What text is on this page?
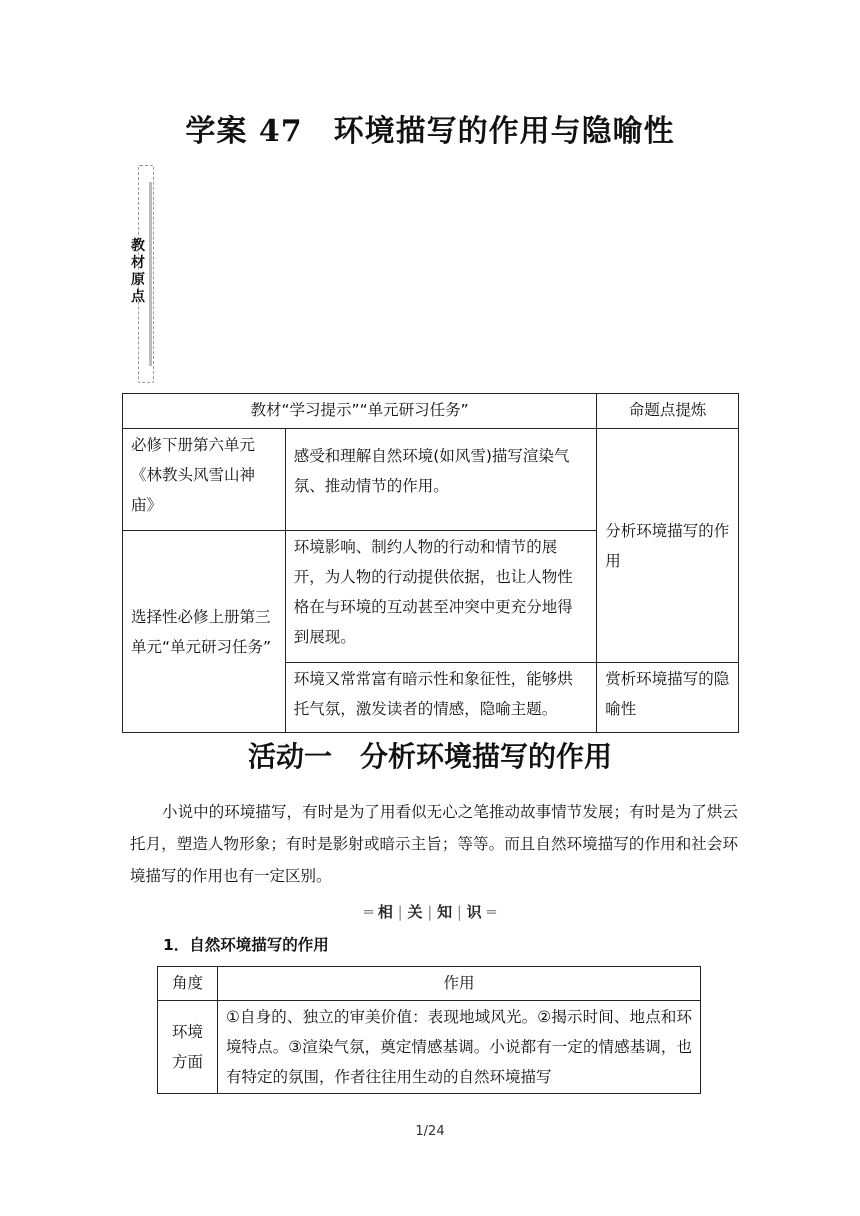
学案 47　环境描写的作用与隐喻性
教
材
原
点
教材“学习提示”“单元研习任务”		命题点提炼
必修下册第六单元《林教头风雪山神庙》	感受和理解自然环境(如风雪)描写渲染气氛、推动情节的作用。	分析环境描写的作用
选择性必修上册第三单元“单元研习任务”	环境影响、制约人物的行动和情节的展开，为人物的行动提供依据，也让人物性格在与环境的互动甚至冲突中更充分地得到展现。	
	环境又常常富有暗示性和象征性，能够烘托气氛，激发读者的情感，隐喻主题。	赏析环境描写的隐喻性
活动一　分析环境描写的作用

小说中的环境描写，有时是为了用看似无心之笔推动故事情节发展；有时是为了烘云托月，塑造人物形象；有时是影射或暗示主旨；等等。而且自然环境描写的作用和社会环境描写的作用也有一定区别。

═ 相 | 关 | 知 | 识 ═
1．自然环境描写的作用
角度	作用
环境方面	①自身的、独立的审美价值：表现地域风光。②揭示时间、地点和环境特点。③渲染气氛，奠定情感基调。小说都有一定的情感基调，也有特定的氛围，作者往往用生动的自然环境描写
1/24
